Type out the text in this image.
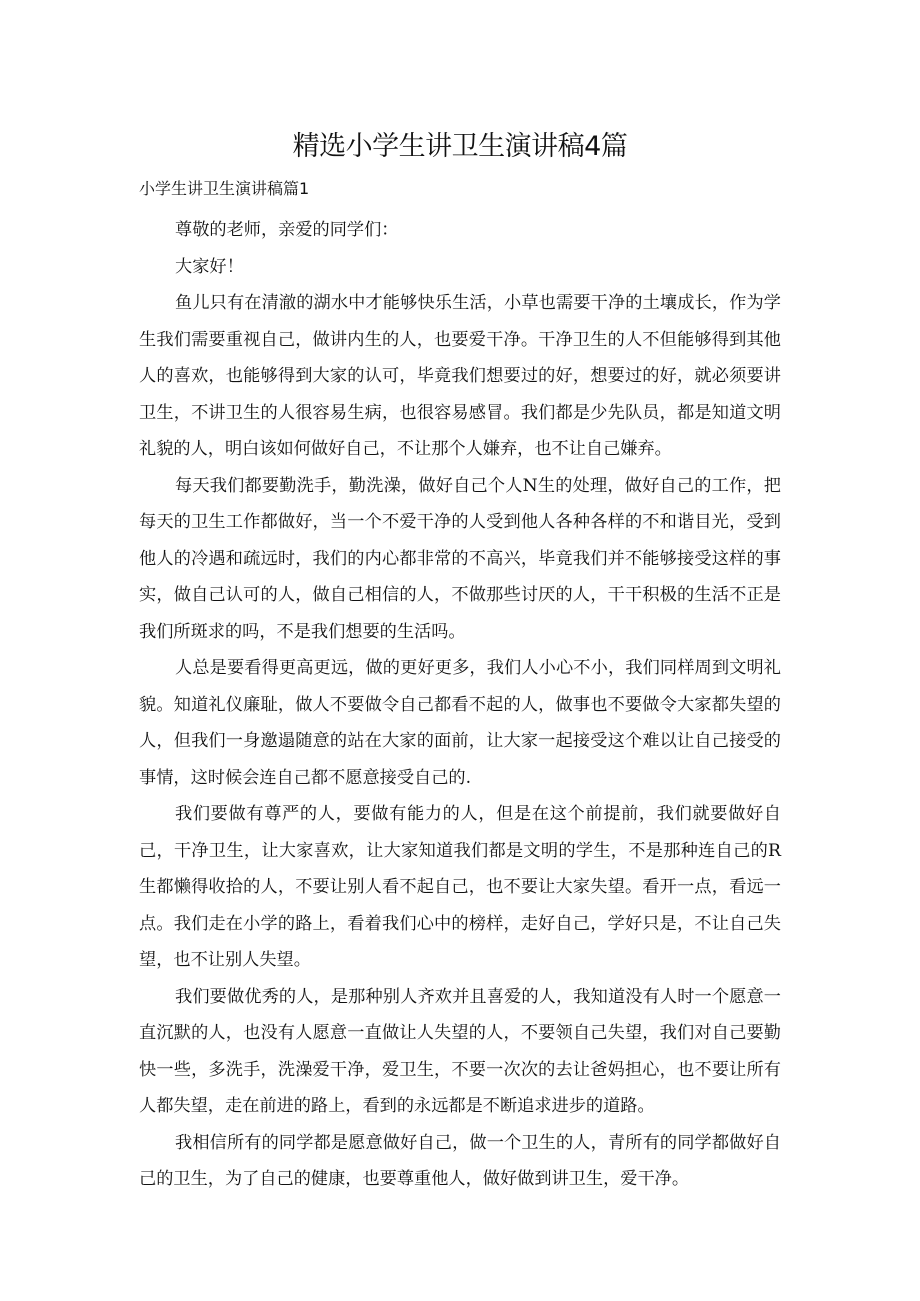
精选小学生讲卫生演讲稿4篇

小学生讲卫生演讲稿篇1

尊敬的老师，亲爱的同学们：

大家好！

鱼儿只有在清澈的湖水中才能够快乐生活，小草也需要干净的土壤成长，作为学生我们需要重视自己，做讲内生的人，也要爱干净。干净卫生的人不但能够得到其他人的喜欢，也能够得到大家的认可，毕竟我们想要过的好，想要过的好，就必须要讲卫生，不讲卫生的人很容易生病，也很容易感冒。我们都是少先队员，都是知道文明礼貌的人，明白该如何做好自己，不让那个人嫌弃，也不让自己嫌弃。

每天我们都要勤洗手，勤洗澡，做好自己个人N生的处理，做好自己的工作，把每天的卫生工作都做好，当一个不爱干净的人受到他人各种各样的不和谐目光，受到他人的冷遇和疏远时，我们的内心都非常的不高兴，毕竟我们并不能够接受这样的事实，做自己认可的人，做自己相信的人，不做那些讨厌的人，干干积极的生活不正是我们所斑求的吗，不是我们想要的生活吗。

人总是要看得更高更远，做的更好更多，我们人小心不小，我们同样周到文明礼貌。知道礼仪廉耻，做人不要做令自己都看不起的人，做事也不要做令大家都失望的人，但我们一身邀遢随意的站在大家的面前，让大家一起接受这个难以让自己接受的事情，这时候会连自己都不愿意接受自己的.

我们要做有尊严的人，要做有能力的人，但是在这个前提前，我们就要做好自己，干净卫生，让大家喜欢，让大家知道我们都是文明的学生，不是那种连自己的R生都懒得收拾的人，不要让别人看不起自己，也不要让大家失望。看开一点，看远一点。我们走在小学的路上，看着我们心中的榜样，走好自己，学好只是，不让自己失望，也不让别人失望。

我们要做优秀的人，是那种别人齐欢并且喜爱的人，我知道没有人时一个愿意一直沉默的人，也没有人愿意一直做让人失望的人，不要领自己失望，我们对自己要勤快一些，多洗手，洗澡爱干净，爱卫生，不要一次次的去让爸妈担心，也不要让所有人都失望，走在前进的路上，看到的永远都是不断追求进步的道路。

我相信所有的同学都是愿意做好自己，做一个卫生的人，青所有的同学都做好自己的卫生，为了自己的健康，也要尊重他人，做好做到讲卫生，爱干净。
